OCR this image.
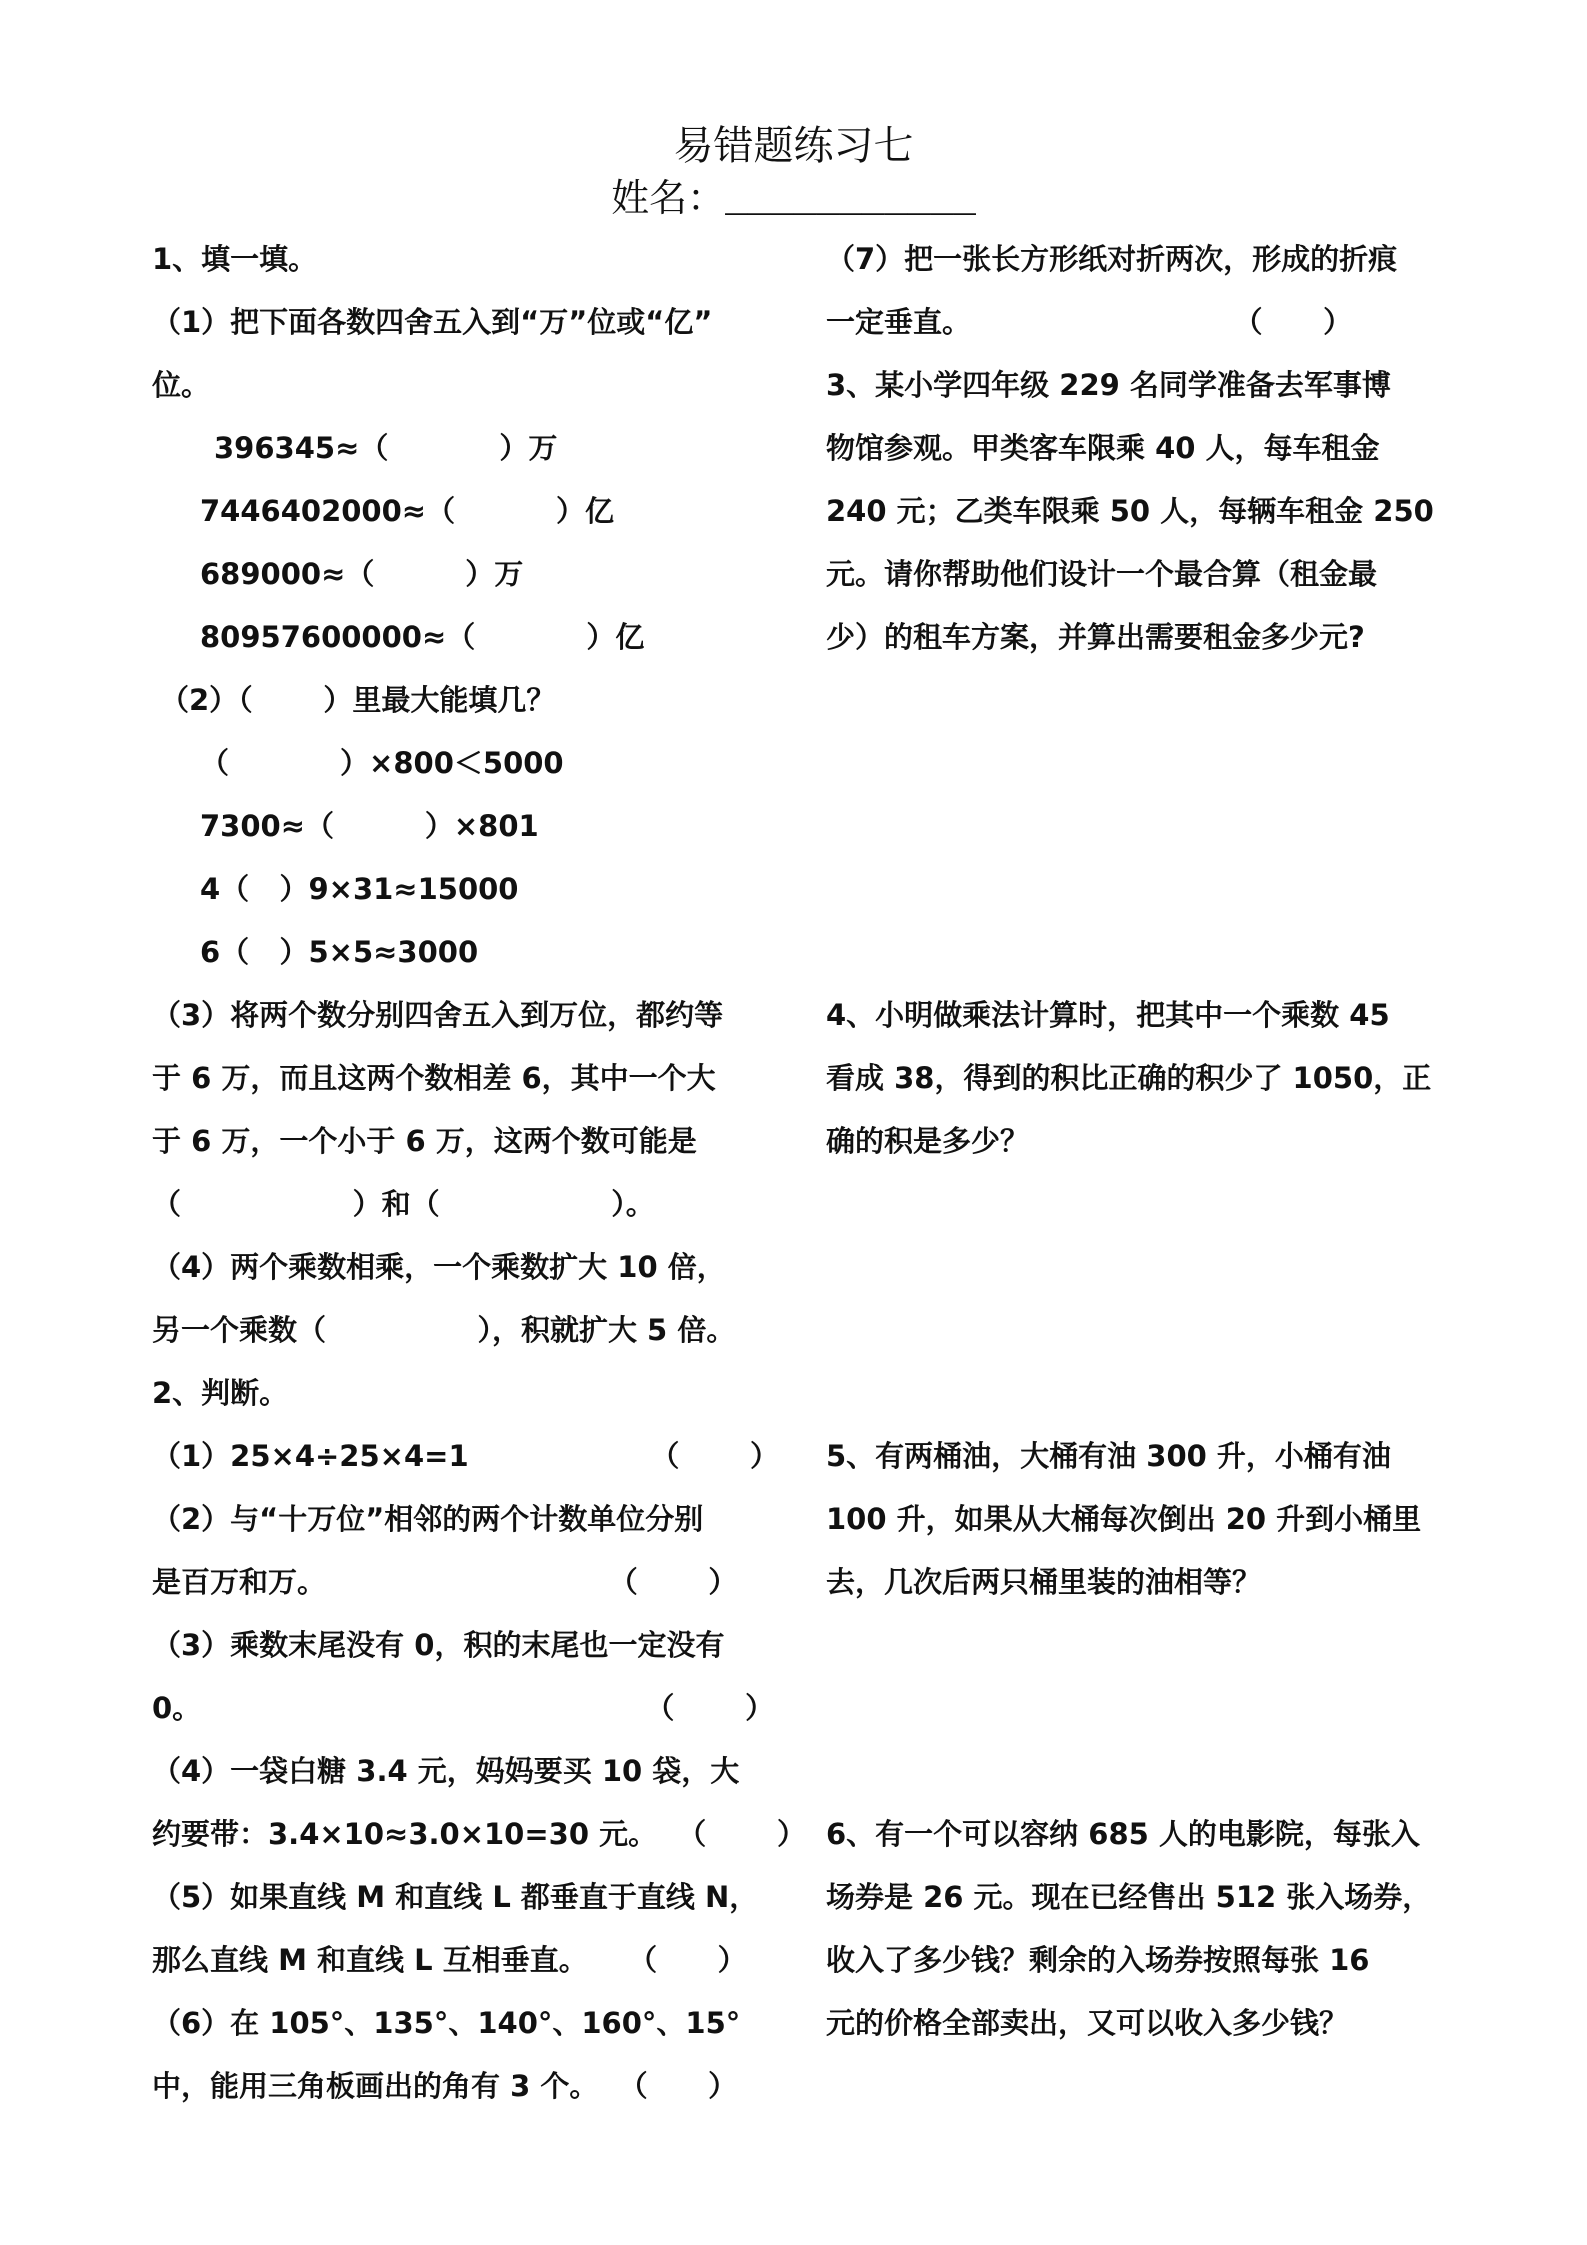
易错题练习七
姓名：___________
1、填一填。
（1）把下面各数四舍五入到“万”位或“亿”
位。
396345≈（           ）万
7446402000≈（          ）亿
689000≈（         ）万
80957600000≈（           ）亿
（2）（       ）里最大能填几？
（           ）×800＜5000
7300≈（         ）×801
4（   ）9×31≈15000
6（   ）5×5≈3000
（3）将两个数分别四舍五入到万位，都约等
于 6 万，而且这两个数相差 6，其中一个大
于 6 万，一个小于 6 万，这两个数可能是
（                 ）和（                 ）。
（4）两个乘数相乘，一个乘数扩大 10 倍，
另一个乘数（               ），积就扩大 5 倍。
2、判断。
（1）25×4÷25×4=1                  （       ）
（2）与“十万位”相邻的两个计数单位分别
是百万和万。                            （       ）
（3）乘数末尾没有 0，积的末尾也一定没有
0。                                            （       ）
（4）一袋白糖 3.4 元，妈妈要买 10 袋，大
约要带：3.4×10≈3.0×10=30 元。  （       ）
（5）如果直线 M 和直线 L 都垂直于直线 N，
那么直线 M 和直线 L 互相垂直。    （      ）
（6）在 105°、135°、140°、160°、15°
中，能用三角板画出的角有 3 个。  （      ）
（7）把一张长方形纸对折两次，形成的折痕
一定垂直。                          （      ）
3、某小学四年级 229 名同学准备去军事博
物馆参观。甲类客车限乘 40 人，每车租金
240 元；乙类车限乘 50 人，每辆车租金 250
元。请你帮助他们设计一个最合算（租金最
少）的租车方案，并算出需要租金多少元?
4、小明做乘法计算时，把其中一个乘数 45
看成 38，得到的积比正确的积少了 1050，正
确的积是多少？
5、有两桶油，大桶有油 300 升，小桶有油
100 升，如果从大桶每次倒出 20 升到小桶里
去，几次后两只桶里装的油相等？
6、有一个可以容纳 685 人的电影院，每张入
场券是 26 元。现在已经售出 512 张入场券，
收入了多少钱？剩余的入场券按照每张 16
元的价格全部卖出，又可以收入多少钱？
